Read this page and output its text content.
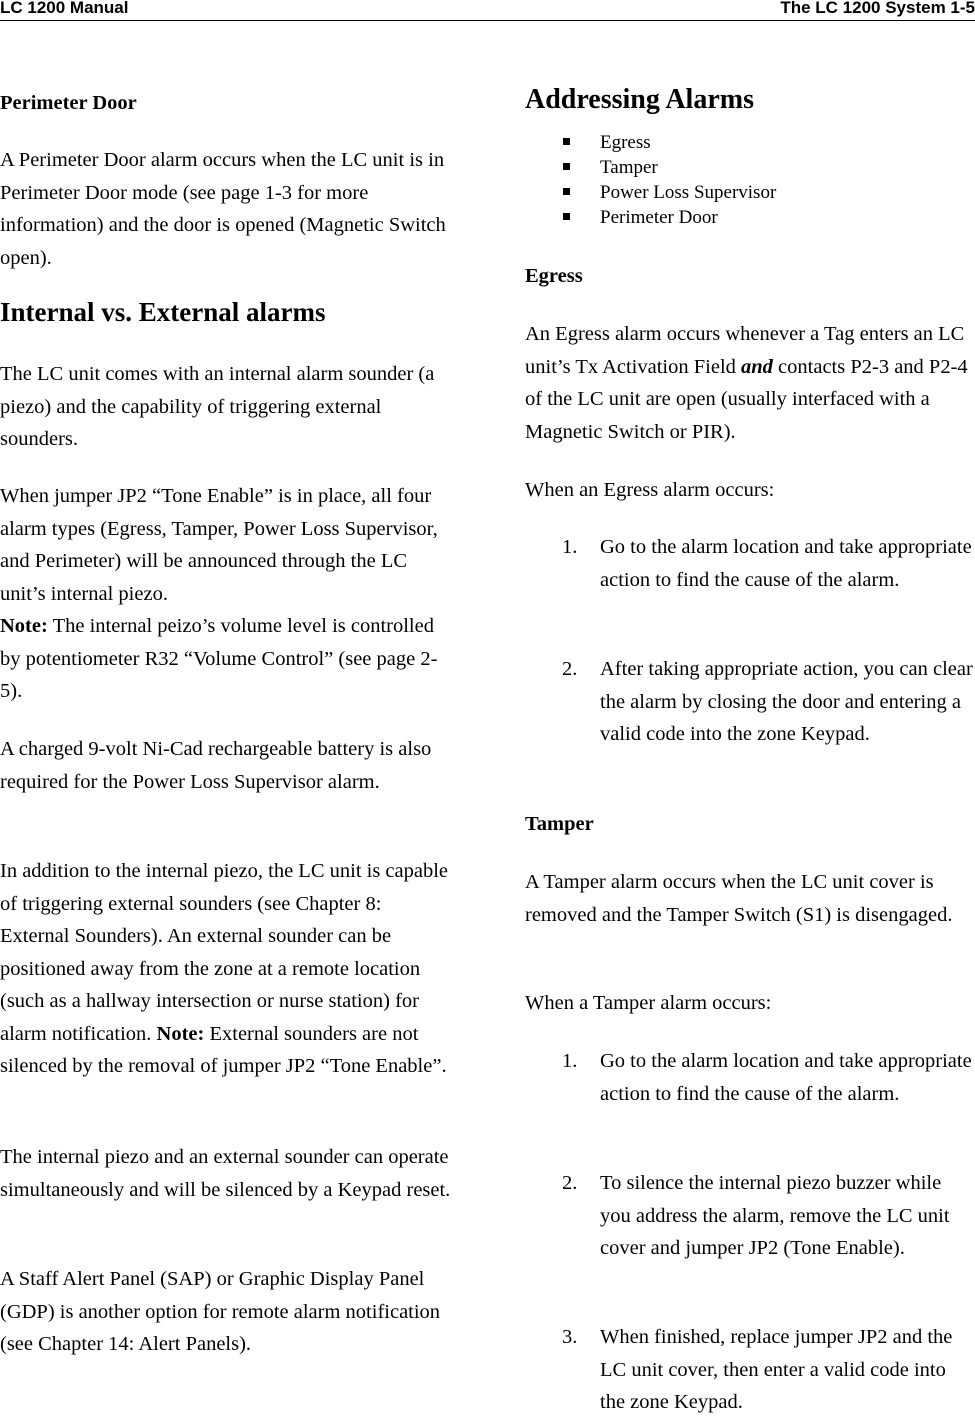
LC 1200 Manual	The LC 1200 System 1-5

Perimeter Door

A Perimeter Door alarm occurs when the LC unit is in Perimeter Door mode (see page 1-3 for more information) and the door is opened (Magnetic Switch open).

Internal vs. External alarms

The LC unit comes with an internal alarm sounder (a piezo) and the capability of triggering external sounders.

When jumper JP2 “Tone Enable” is in place, all four alarm types (Egress, Tamper, Power Loss Supervisor, and Perimeter) will be announced through the LC unit’s internal piezo.

Note: The internal peizo’s volume level is controlled by potentiometer R32 “Volume Control” (see page 2-5).

A charged 9-volt Ni-Cad rechargeable battery is also required for the Power Loss Supervisor alarm.

In addition to the internal piezo, the LC unit is capable of triggering external sounders (see Chapter 8: External Sounders). An external sounder can be positioned away from the zone at a remote location (such as a hallway intersection or nurse station) for alarm notification. Note: External sounders are not silenced by the removal of jumper JP2 “Tone Enable”.

The internal piezo and an external sounder can operate simultaneously and will be silenced by a Keypad reset.

A Staff Alert Panel (SAP) or Graphic Display Panel (GDP) is another option for remote alarm notification (see Chapter 14: Alert Panels).

Addressing Alarms

Egress
Tamper
Power Loss Supervisor
Perimeter Door

Egress

An Egress alarm occurs whenever a Tag enters an LC unit’s Tx Activation Field and contacts P2-3 and P2-4 of the LC unit are open (usually interfaced with a Magnetic Switch or PIR).

When an Egress alarm occurs:

1. Go to the alarm location and take appropriate action to find the cause of the alarm.
2. After taking appropriate action, you can clear the alarm by closing the door and entering a valid code into the zone Keypad.

Tamper

A Tamper alarm occurs when the LC unit cover is removed and the Tamper Switch (S1) is disengaged.

When a Tamper alarm occurs:

1. Go to the alarm location and take appropriate action to find the cause of the alarm.
2. To silence the internal piezo buzzer while you address the alarm, remove the LC unit cover and jumper JP2 (Tone Enable).
3. When finished, replace jumper JP2 and the LC unit cover, then enter a valid code into the zone Keypad.
